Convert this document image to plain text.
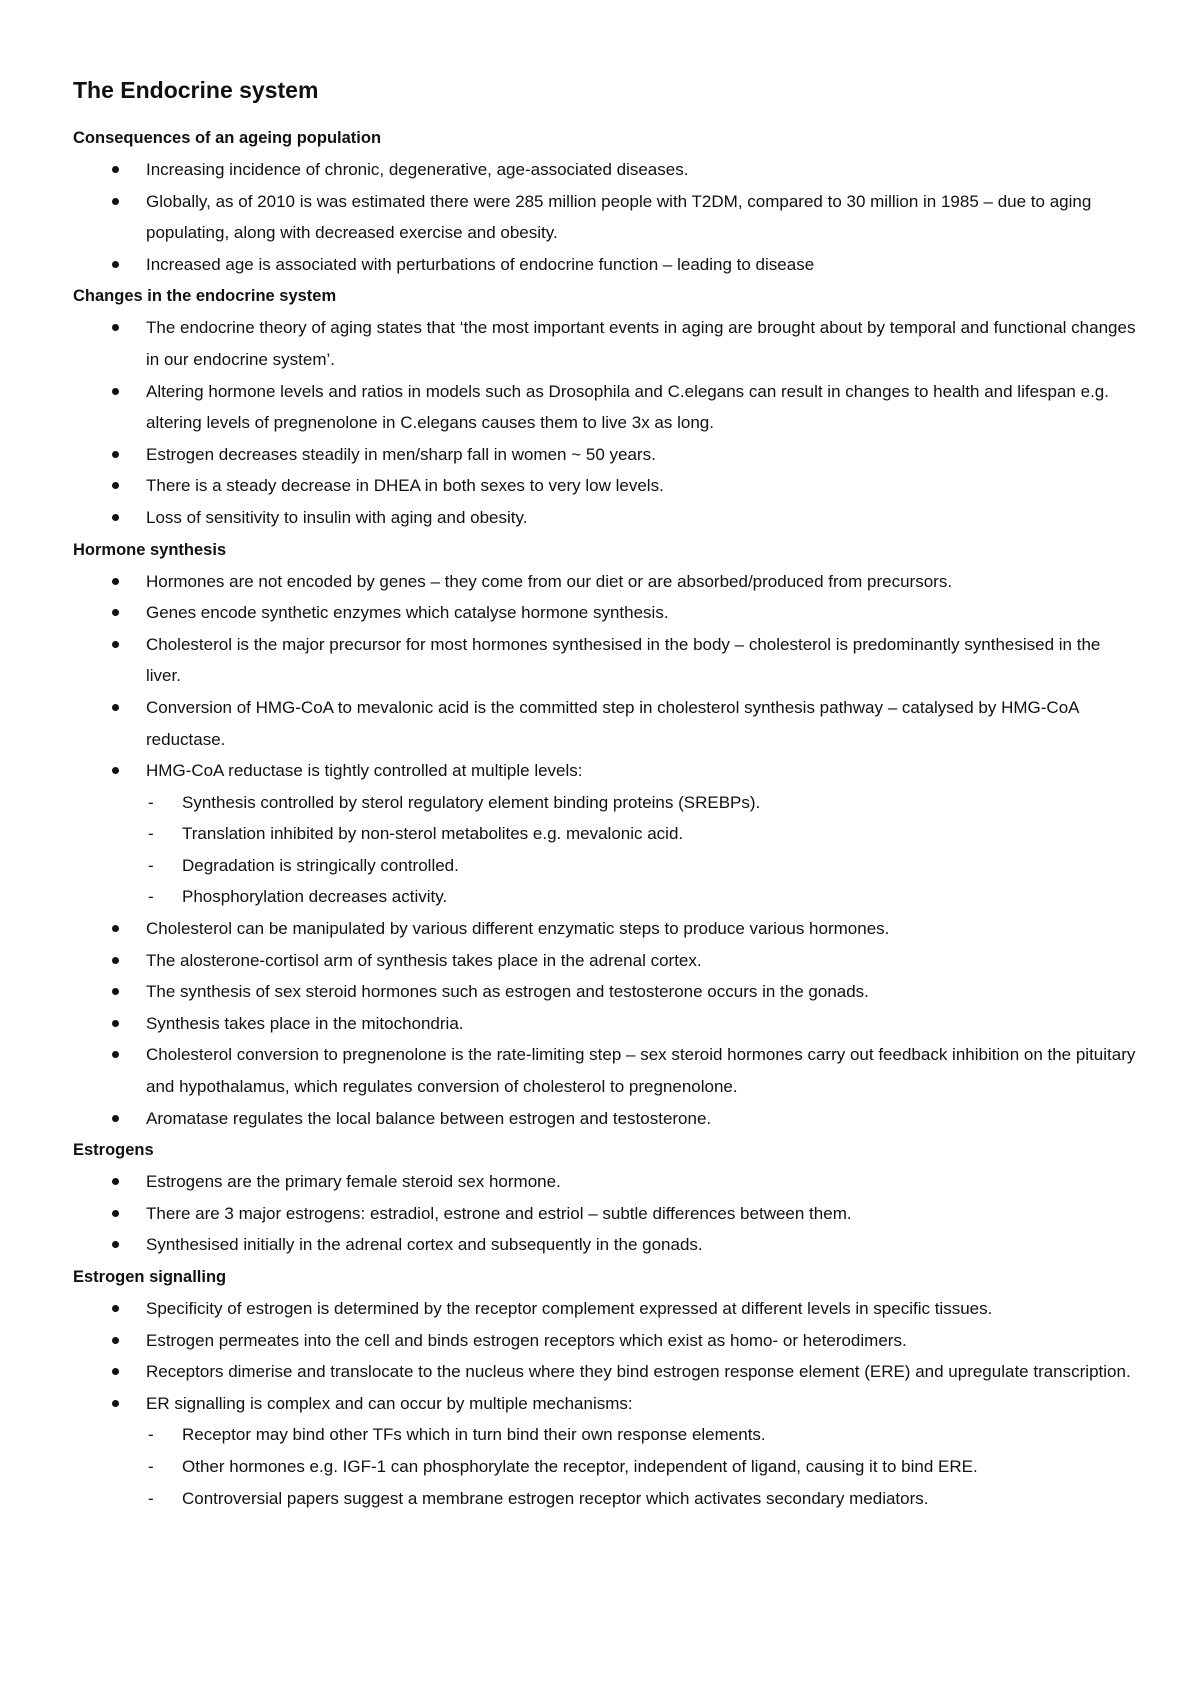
The Endocrine system
Consequences of an ageing population
Increasing incidence of chronic, degenerative, age-associated diseases.
Globally, as of 2010 is was estimated there were 285 million people with T2DM, compared to 30 million in 1985 – due to aging populating, along with decreased exercise and obesity.
Increased age is associated with perturbations of endocrine function – leading to disease
Changes in the endocrine system
The endocrine theory of aging states that ‘the most important events in aging are brought about by temporal and functional changes in our endocrine system’.
Altering hormone levels and ratios in models such as Drosophila and C.elegans can result in changes to health and lifespan e.g. altering levels of pregnenolone in C.elegans causes them to live 3x as long.
Estrogen decreases steadily in men/sharp fall in women ~ 50 years.
There is a steady decrease in DHEA in both sexes to very low levels.
Loss of sensitivity to insulin with aging and obesity.
Hormone synthesis
Hormones are not encoded by genes – they come from our diet or are absorbed/produced from precursors.
Genes encode synthetic enzymes which catalyse hormone synthesis.
Cholesterol is the major precursor for most hormones synthesised in the body – cholesterol is predominantly synthesised in the liver.
Conversion of HMG-CoA to mevalonic acid is the committed step in cholesterol synthesis pathway – catalysed by HMG-CoA reductase.
HMG-CoA reductase is tightly controlled at multiple levels:
- Synthesis controlled by sterol regulatory element binding proteins (SREBPs).
- Translation inhibited by non-sterol metabolites e.g. mevalonic acid.
- Degradation is stringically controlled.
- Phosphorylation decreases activity.
Cholesterol can be manipulated by various different enzymatic steps to produce various hormones.
The alosterone-cortisol arm of synthesis takes place in the adrenal cortex.
The synthesis of sex steroid hormones such as estrogen and testosterone occurs in the gonads.
Synthesis takes place in the mitochondria.
Cholesterol conversion to pregnenolone is the rate-limiting step – sex steroid hormones carry out feedback inhibition on the pituitary and hypothalamus, which regulates conversion of cholesterol to pregnenolone.
Aromatase regulates the local balance between estrogen and testosterone.
Estrogens
Estrogens are the primary female steroid sex hormone.
There are 3 major estrogens: estradiol, estrone and estriol – subtle differences between them.
Synthesised initially in the adrenal cortex and subsequently in the gonads.
Estrogen signalling
Specificity of estrogen is determined by the receptor complement expressed at different levels in specific tissues.
Estrogen permeates into the cell and binds estrogen receptors which exist as homo- or heterodimers.
Receptors dimerise and translocate to the nucleus where they bind estrogen response element (ERE) and upregulate transcription.
ER signalling is complex and can occur by multiple mechanisms:
- Receptor may bind other TFs which in turn bind their own response elements.
- Other hormones e.g. IGF-1 can phosphorylate the receptor, independent of ligand, causing it to bind ERE.
- Controversial papers suggest a membrane estrogen receptor which activates secondary mediators.
